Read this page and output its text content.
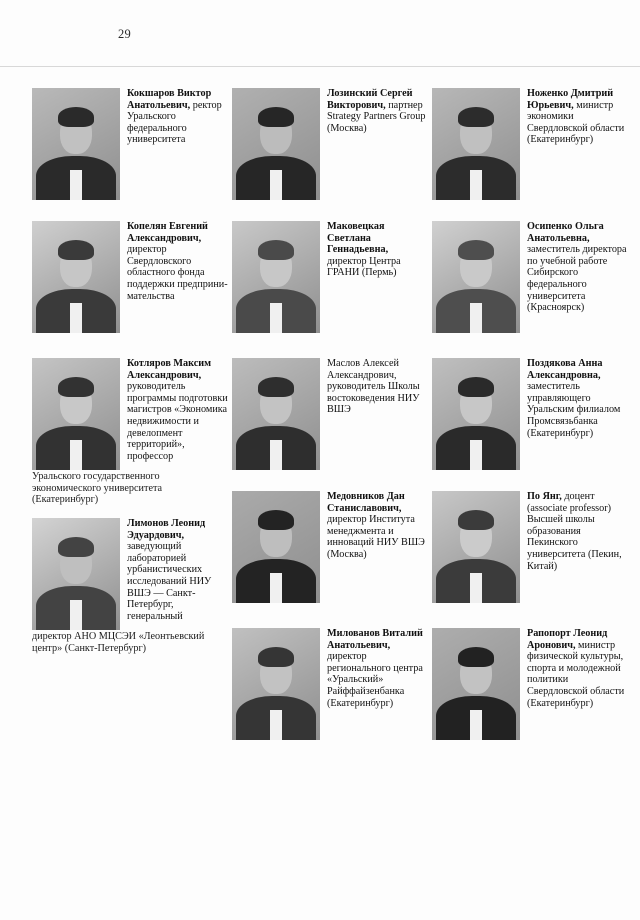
29
Кокшаров Виктор Анатольевич, ректор Уральского федерального университета
Копелян Евгений Александрович, директор Свердловского областного фонда поддержки предприни-мательства
Котляров Максим Александрович, руководитель программы подготовки магистров «Экономика недвижимости и девелопмент территорий», профессор
Уральского государственного экономического университета (Екатеринбург)
Лимонов Леонид Эдуардович, заведующий лабораторией урбанистических исследований НИУ ВШЭ — Санкт-Петербург, генеральный
директор АНО МЦСЭИ «Леонтьевский центр» (Санкт-Петербург)
Лозинский Сергей Викторович, партнер Strategy Partners Group (Москва)
Маковецкая Светлана Геннадьевна, директор Центра ГРАНИ (Пермь)
Маслов Алексей Александрович, руководитель Школы востоковедения НИУ ВШЭ
Медовников Дан Станиславович, директор Института менеджмента и инноваций НИУ ВШЭ (Москва)
Милованов Виталий Анатольевич, директор регионального центра «Уральский» Райффайзенбанка (Екатеринбург)
Ноженко Дмитрий Юрьевич, министр экономики Свердловской области (Екатеринбург)
Осипенко Ольга Анатольевна, заместитель директора по учебной работе Сибирского федерального университета (Красноярск)
Поздякова Анна Александровна, заместитель управляющего Уральским филиалом Промсвязьбанка (Екатеринбург)
По Янг, доцент (associate professor) Высшей школы образования Пекинского университета (Пекин, Китай)
Рапопорт Леонид Аронович, министр физической культуры, спорта и молодежной политики Свердловской области (Екатеринбург)
